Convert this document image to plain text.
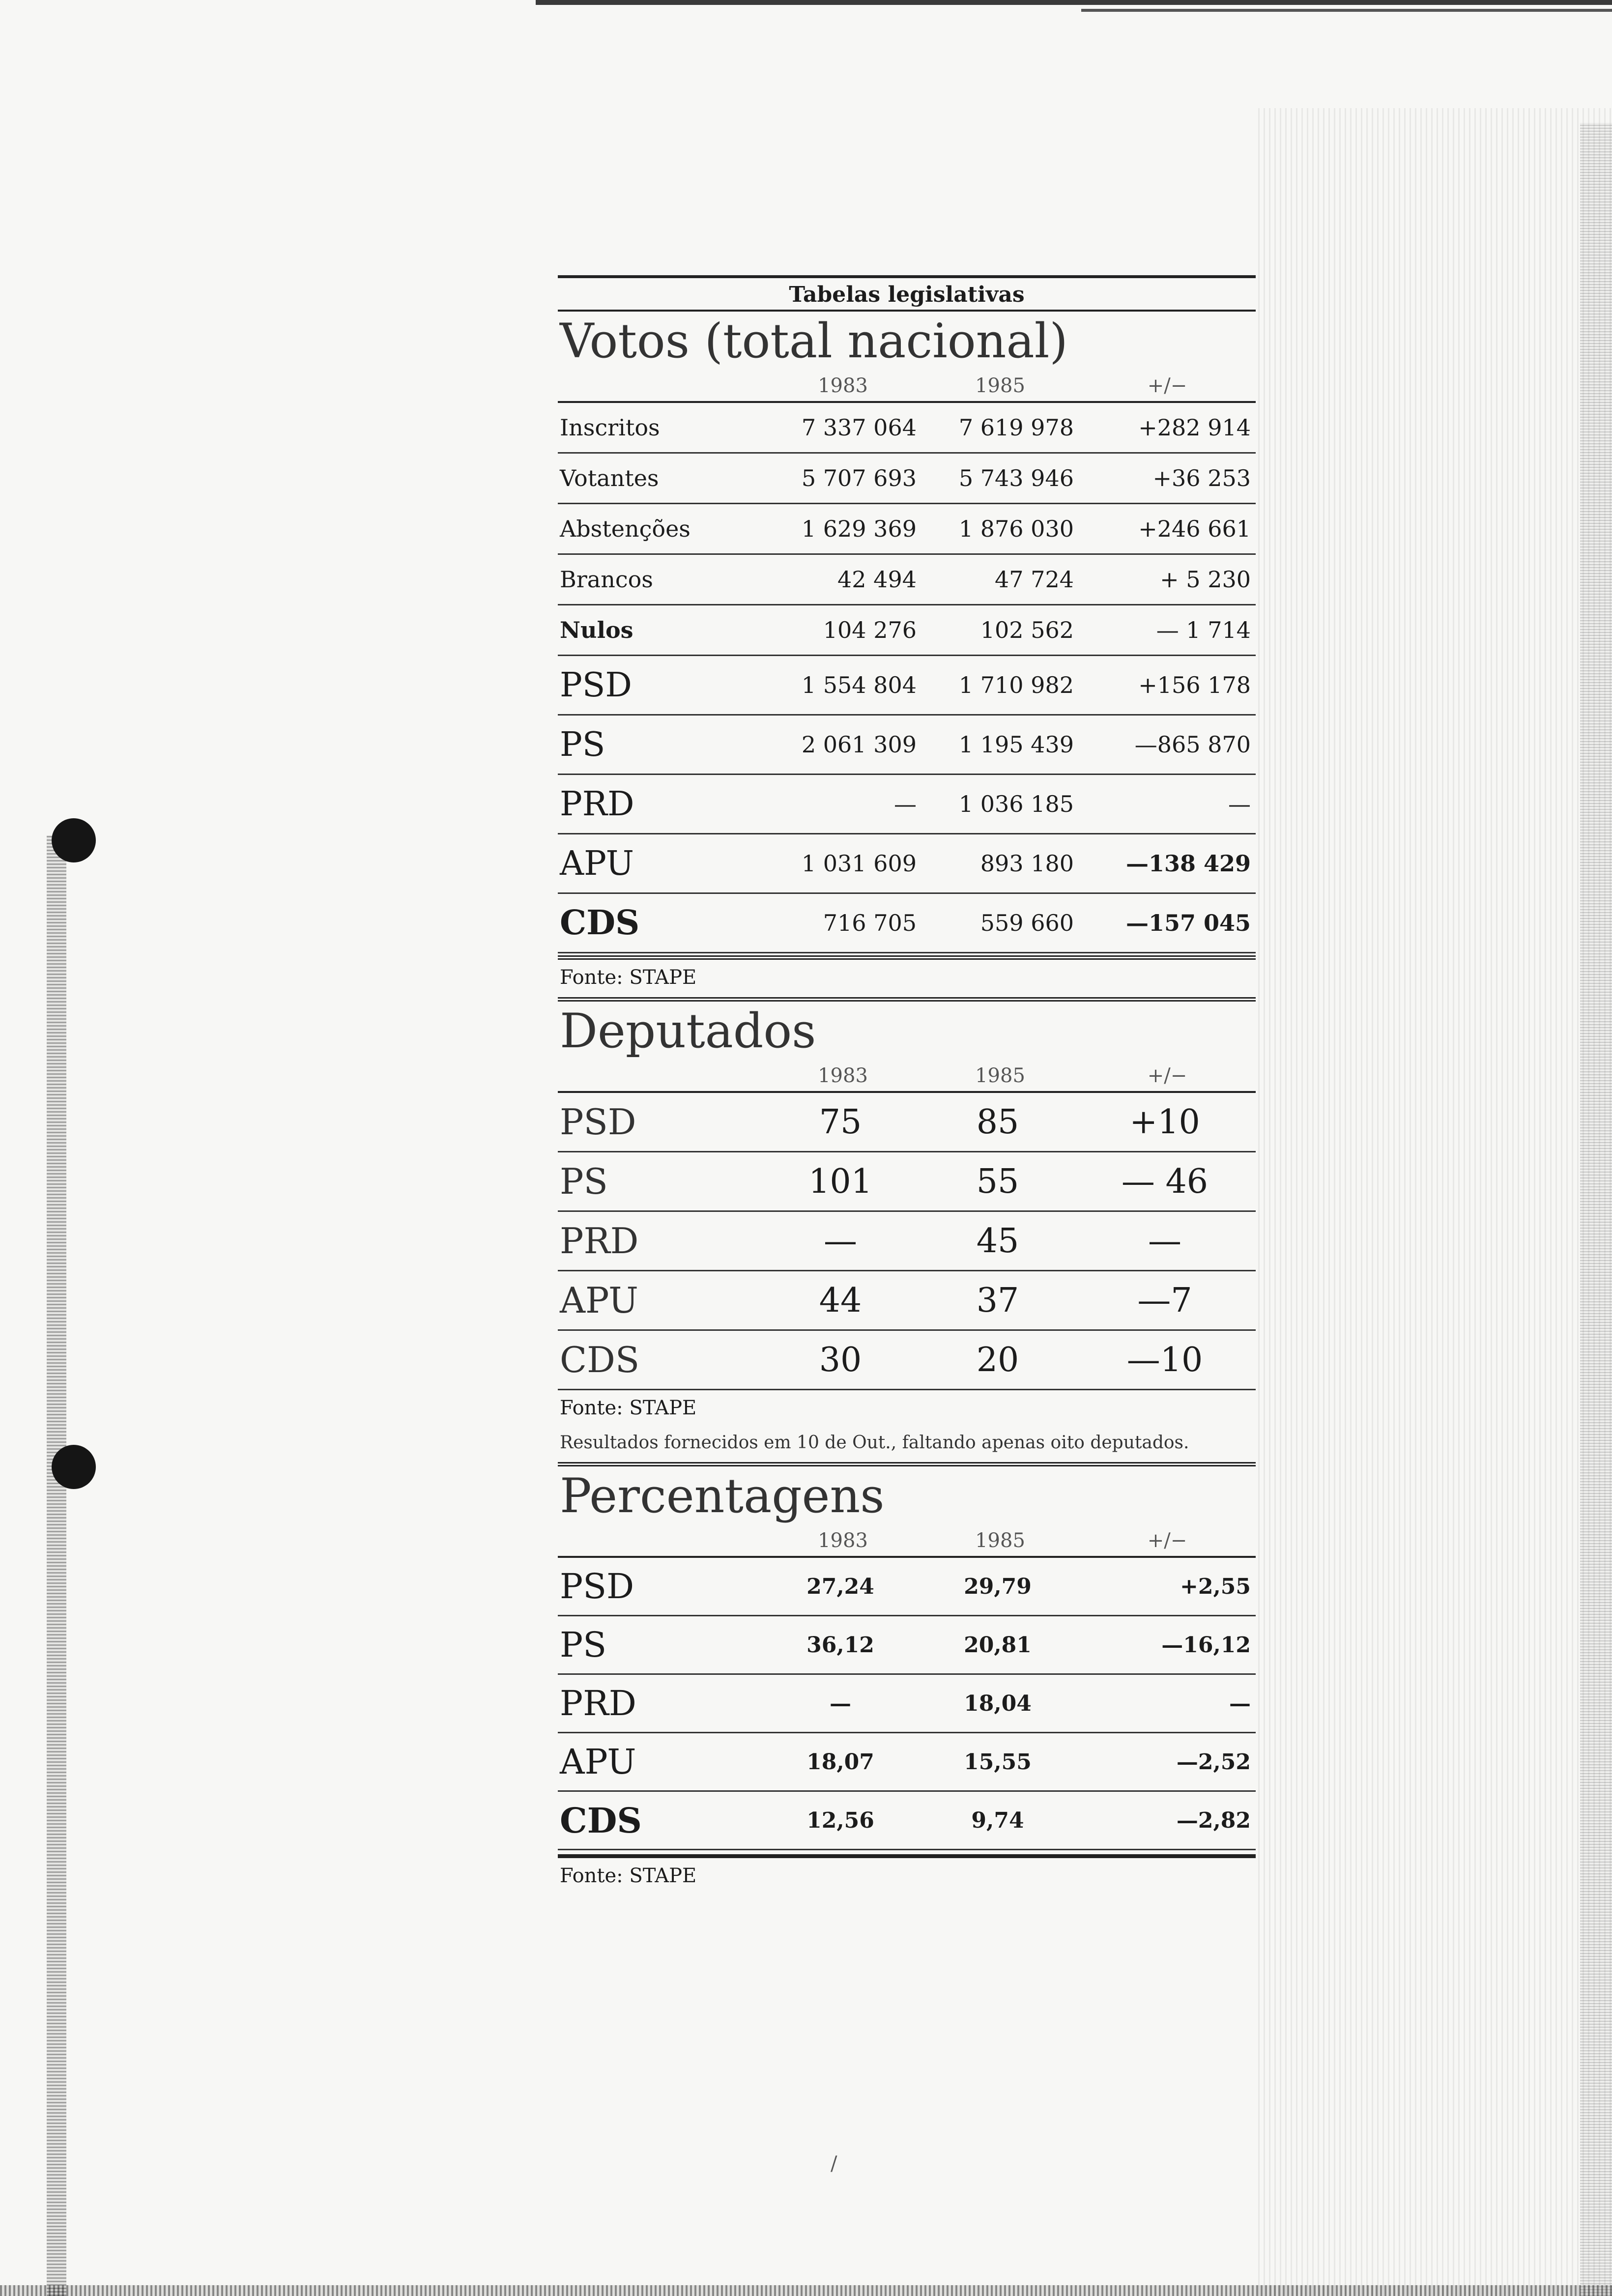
/
Tabelas legislativas
Votos (total nacional)
1983	1985	+/−
Inscritos	7 337 064	7 619 978	+282 914
Votantes	5 707 693	5 743 946	+36 253
Abstenções	1 629 369	1 876 030	+246 661
Brancos	42 494	47 724	+ 5 230
Nulos	104 276	102 562	— 1 714
PSD	1 554 804	1 710 982	+156 178
PS	2 061 309	1 195 439	—865 870
PRD	—	1 036 185	—
APU	1 031 609	893 180	—138 429
CDS	716 705	559 660	—157 045
Fonte: STAPE
Deputados
1983	1985	+/−
PSD	75	85	+10
PS	101	55	— 46
PRD	—	45	—
APU	44	37	—7
CDS	30	20	—10
Fonte: STAPE
Resultados fornecidos em 10 de Out., faltando apenas oito deputados.
Percentagens
1983	1985	+/−
PSD	27,24	29,79	+2,55
PS	36,12	20,81	—16,12
PRD	—	18,04	—
APU	18,07	15,55	—2,52
CDS	12,56	9,74	—2,82
Fonte: STAPE
